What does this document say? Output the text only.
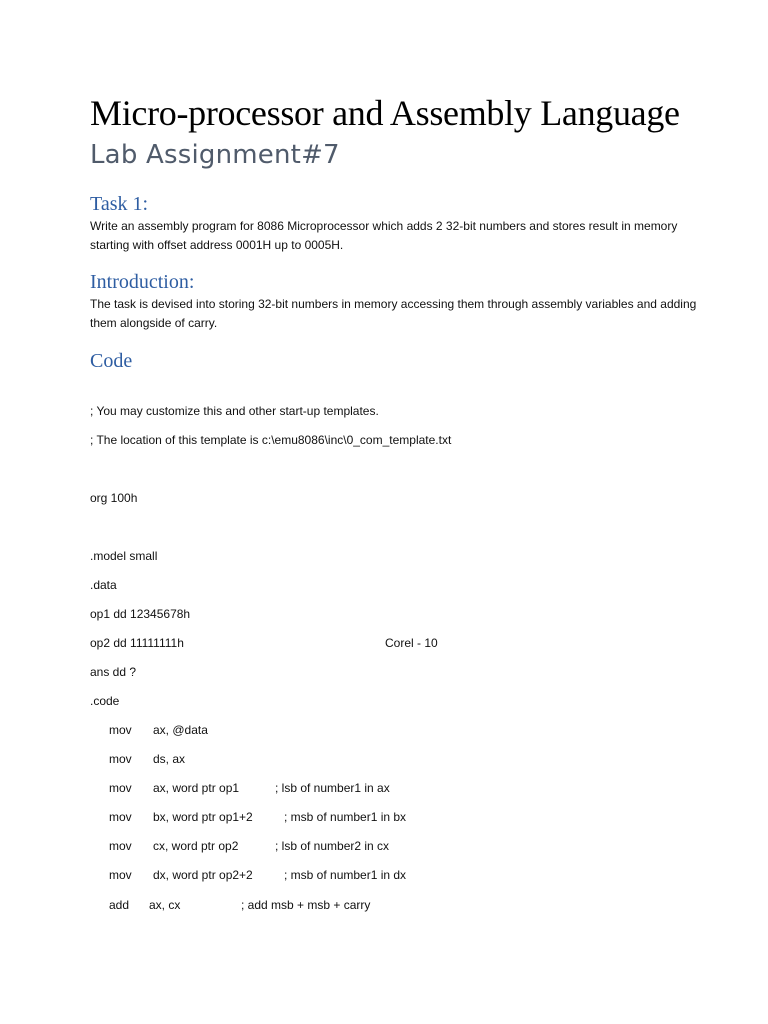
Micro-processor and Assembly Language
Lab Assignment#7
Task 1:
Write an assembly program for 8086 Microprocessor which adds 2 32-bit numbers and stores result in memory starting with offset address 0001H up to 0005H.
Introduction:
The task is devised into storing 32-bit numbers in memory accessing them through assembly variables and adding them alongside of carry.
Code
; You may customize this and other start-up templates.
; The location of this template is c:\emu8086\inc\0_com_template.txt
org 100h
.model small
.data
op1 dd 12345678h
op2 dd 11111111h	Corel - 10
ans dd ?
.code
mov ax, @data
mov ds, ax
mov ax, word ptr op1	; lsb of number1 in ax
mov bx, word ptr op1+2	; msb of number1 in bx
mov cx, word ptr op2	; lsb of number2 in cx
mov dx, word ptr op2+2	; msb of number1 in dx
add ax, cx	; add msb + msb + carry
